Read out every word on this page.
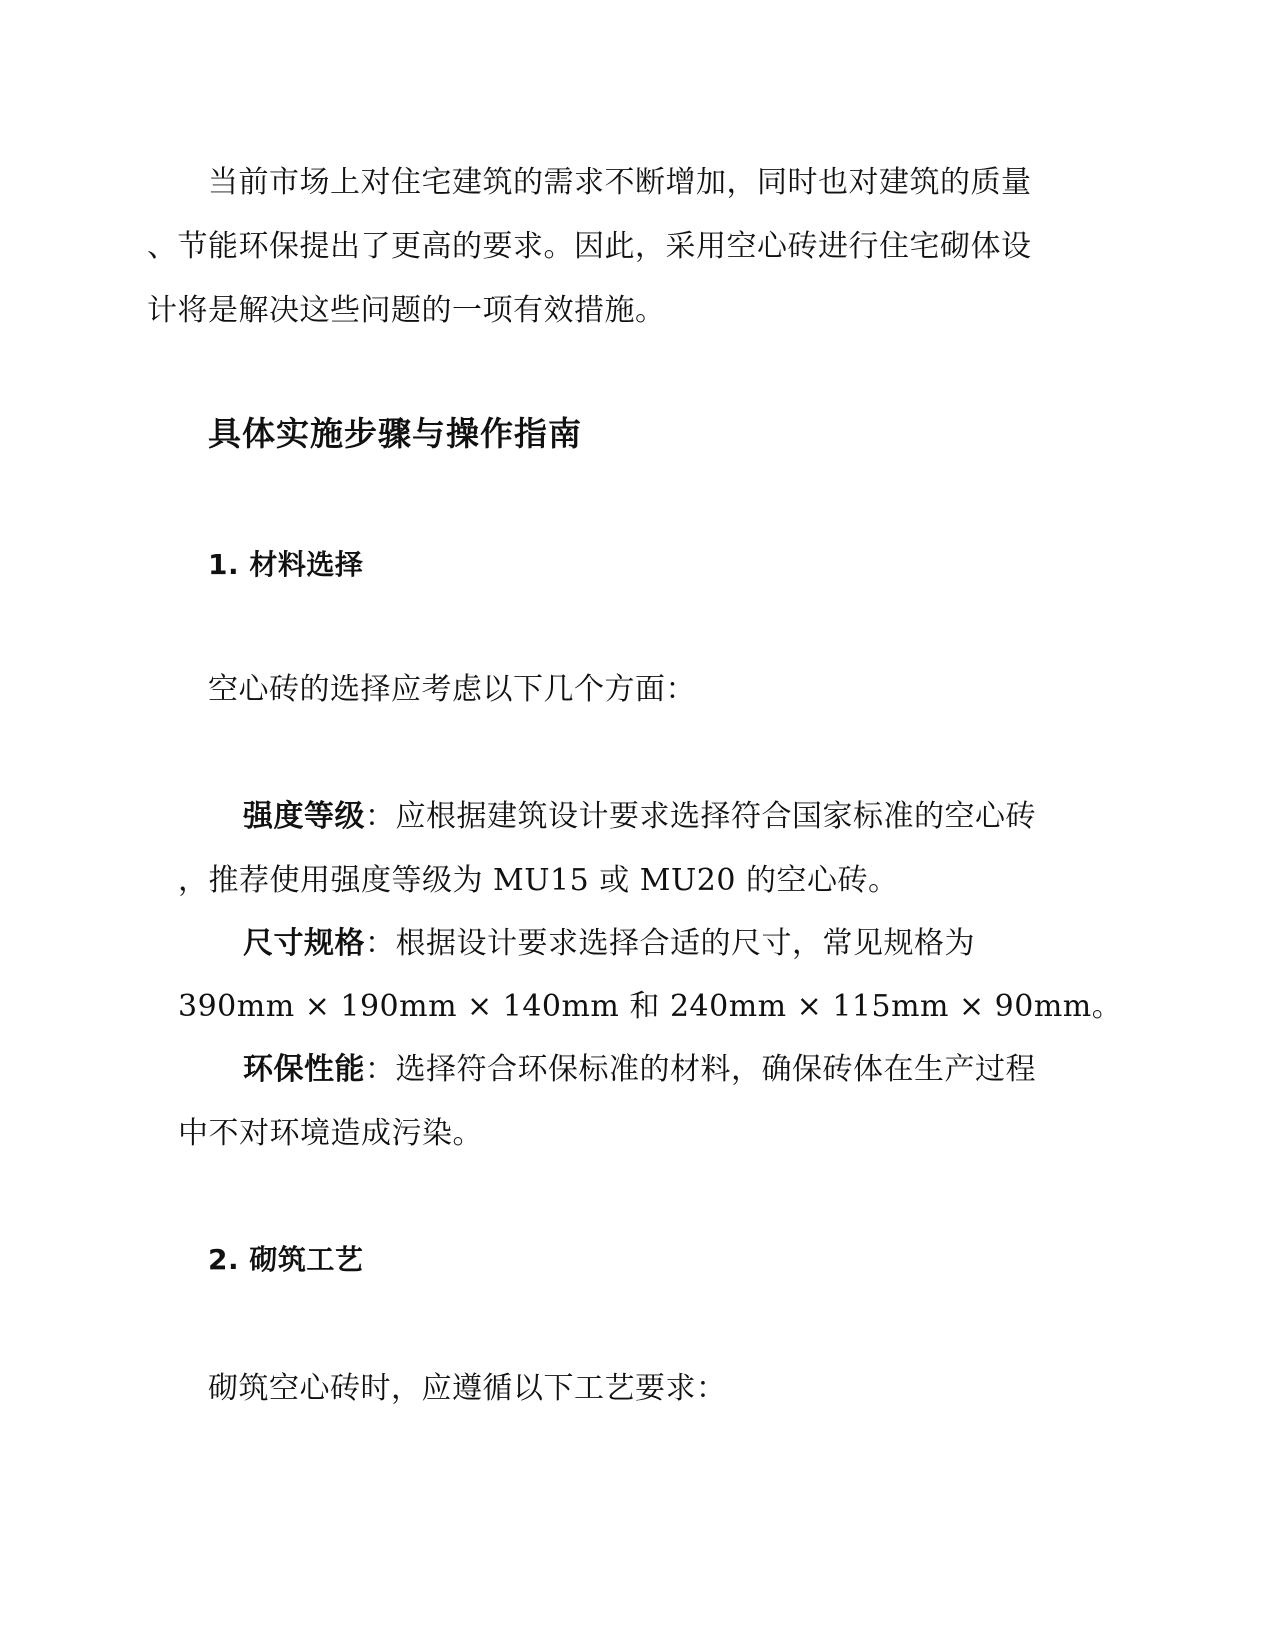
当前市场上对住宅建筑的需求不断增加，同时也对建筑的质量
、节能环保提出了更高的要求。因此，采用空心砖进行住宅砌体设
计将是解决这些问题的一项有效措施。
具体实施步骤与操作指南
1. 材料选择
空心砖的选择应考虑以下几个方面：
强度等级：应根据建筑设计要求选择符合国家标准的空心砖
，推荐使用强度等级为 MU15 或 MU20 的空心砖。
尺寸规格：根据设计要求选择合适的尺寸，常见规格为
390mm × 190mm × 140mm 和 240mm × 115mm × 90mm。
环保性能：选择符合环保标准的材料，确保砖体在生产过程
中不对环境造成污染。
2. 砌筑工艺
砌筑空心砖时，应遵循以下工艺要求：
